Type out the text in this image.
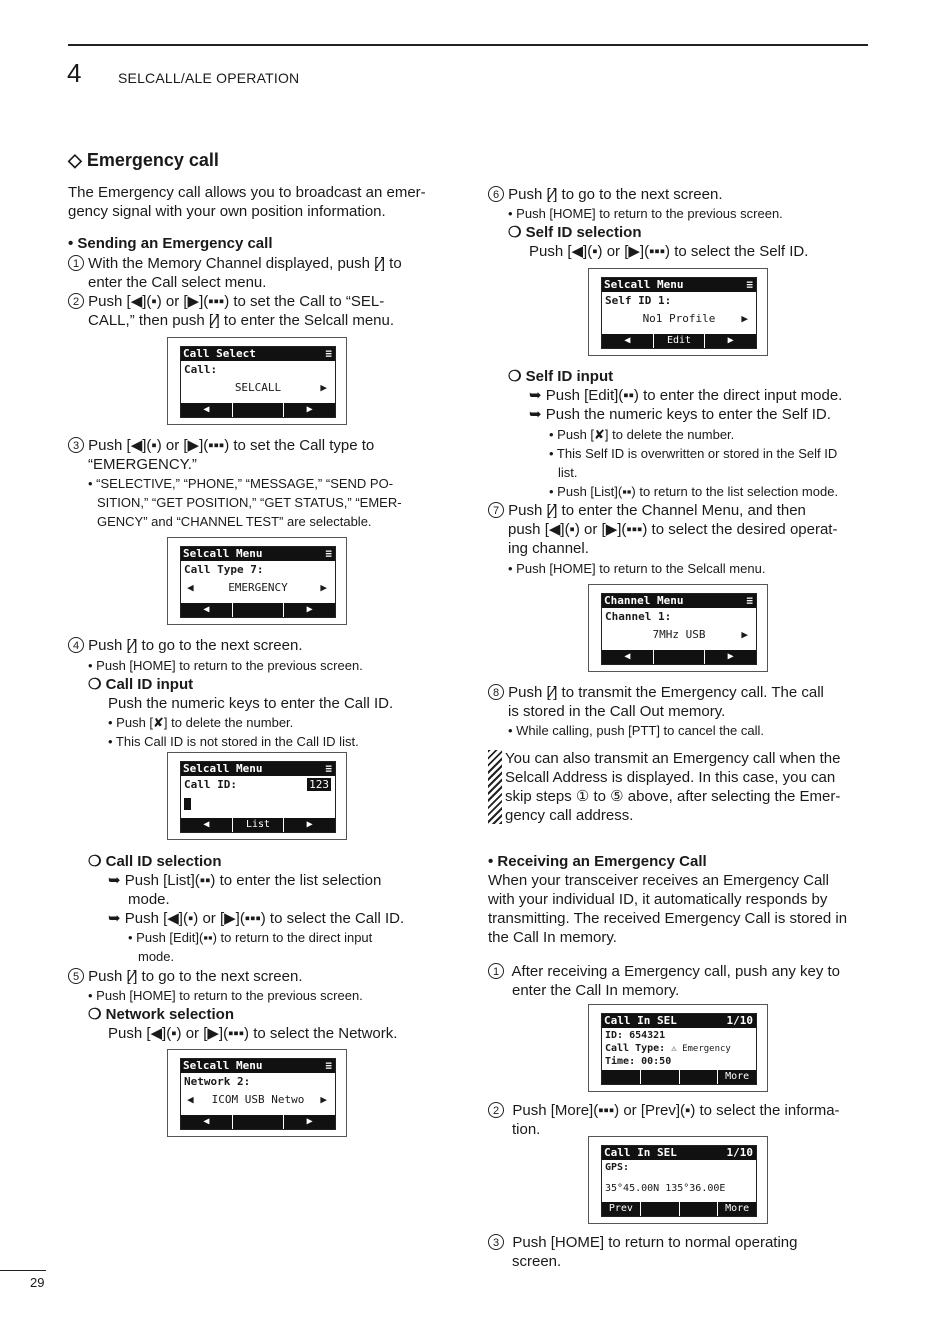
4	SELCALL/ALE OPERATION
◇ Emergency call
The Emergency call allows you to broadcast an emer-
gency signal with your own position information.
• Sending an Emergency call
1 With the Memory Channel displayed, push [⁄] to
enter the Call select menu.
2 Push [◀](▪) or [▶](▪▪▪) to set the Call to “SEL-
CALL,” then push [⁄] to enter the Selcall menu.
Call Select	≡
Call:
SELCALL	▶
◀	▶
3 Push [◀](▪) or [▶](▪▪▪) to set the Call type to
“EMERGENCY.”
• “SELECTIVE,” “PHONE,” “MESSAGE,” “SEND PO-
SITION,” “GET POSITION,” “GET STATUS,” “EMER-
GENCY” and “CHANNEL TEST” are selectable.
Selcall Menu	≡
Call Type 7:
◀	EMERGENCY	▶
◀	▶
4 Push [⁄] to go to the next screen.
• Push [HOME] to return to the previous screen.
❍ Call ID input
Push the numeric keys to enter the Call ID.
• Push [✘] to delete the number.
• This Call ID is not stored in the Call ID list.
Selcall Menu	≡
Call ID:	123
◀	List	▶
❍ Call ID selection
➥ Push [List](▪▪) to enter the list selection
mode.
➥ Push [◀](▪) or [▶](▪▪▪) to select the Call ID.
• Push [Edit](▪▪) to return to the direct input
mode.
5 Push [⁄] to go to the next screen.
• Push [HOME] to return to the previous screen.
❍ Network selection
Push [◀](▪) or [▶](▪▪▪) to select the Network.
Selcall Menu	≡
Network 2:
◀	ICOM USB Netwo	▶
◀	▶
6 Push [⁄] to go to the next screen.
• Push [HOME] to return to the previous screen.
❍ Self ID selection
Push [◀](▪) or [▶](▪▪▪) to select the Self ID.
Selcall Menu	≡
Self ID 1:
No1 Profile	▶
◀	Edit	▶
❍ Self ID input
➥ Push [Edit](▪▪) to enter the direct input mode.
➥ Push the numeric keys to enter the Self ID.
• Push [✘] to delete the number.
• This Self ID is overwritten or stored in the Self ID
list.
• Push [List](▪▪) to return to the list selection mode.
7 Push [⁄] to enter the Channel Menu, and then
push [◀](▪) or [▶](▪▪▪) to select the desired operat-
ing channel.
• Push [HOME] to return to the Selcall menu.
Channel Menu	≡
Channel 1:
7MHz USB	▶
◀	▶
8 Push [⁄] to transmit the Emergency call. The call
is stored in the Call Out memory.
• While calling, push [PTT] to cancel the call.
You can also transmit an Emergency call when the
Selcall Address is displayed. In this case, you can
skip steps ① to ⑤ above, after selecting the Emer-
gency call address.
• Receiving an Emergency Call
When your transceiver receives an Emergency Call
with your individual ID, it automatically responds by
transmitting. The received Emergency Call is stored in
the Call In memory.
1 After receiving a Emergency call, push any key to
enter the Call In memory.
Call In SEL	1/10
ID: 654321
Call Type: ⚠ Emergency
Time: 00:50
More
2 Push [More](▪▪▪) or [Prev](▪) to select the informa-
tion.
Call In SEL	1/10
GPS:
35°45.00N 135°36.00E
Prev	More
3 Push [HOME] to return to normal operating
screen.
29
